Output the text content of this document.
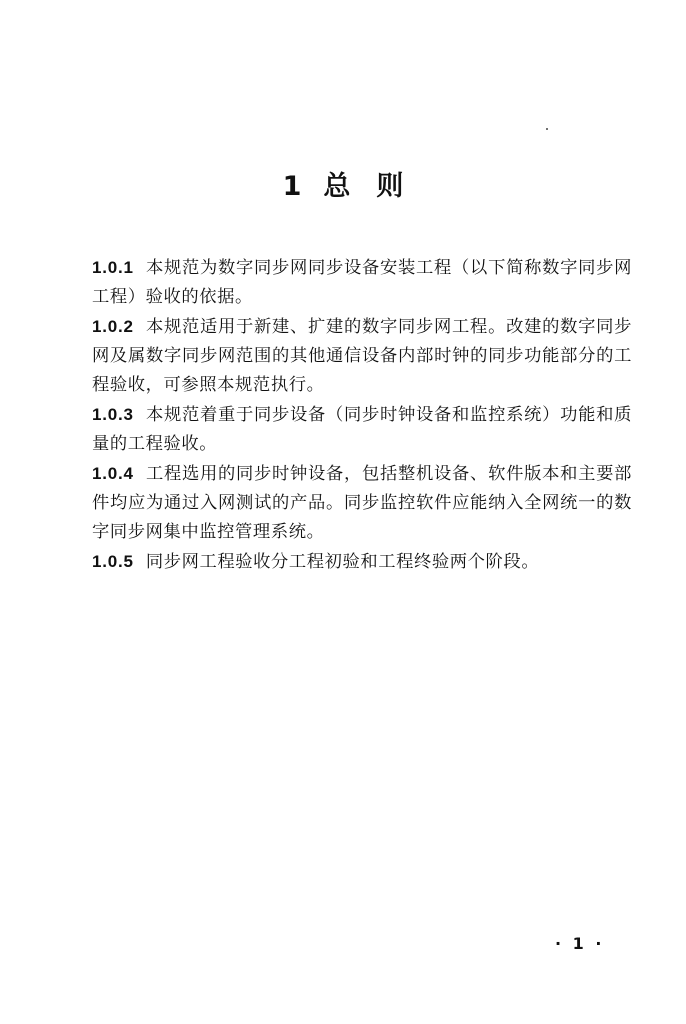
1 总 则

1.0.1 本规范为数字同步网同步设备安装工程（以下简称数字同步网工程）验收的依据。

1.0.2 本规范适用于新建、扩建的数字同步网工程。改建的数字同步网及属数字同步网范围的其他通信设备内部时钟的同步功能部分的工程验收，可参照本规范执行。

1.0.3 本规范着重于同步设备（同步时钟设备和监控系统）功能和质量的工程验收。

1.0.4 工程选用的同步时钟设备，包括整机设备、软件版本和主要部件均应为通过入网测试的产品。同步监控软件应能纳入全网统一的数字同步网集中监控管理系统。

1.0.5 同步网工程验收分工程初验和工程终验两个阶段。

· 1 ·
